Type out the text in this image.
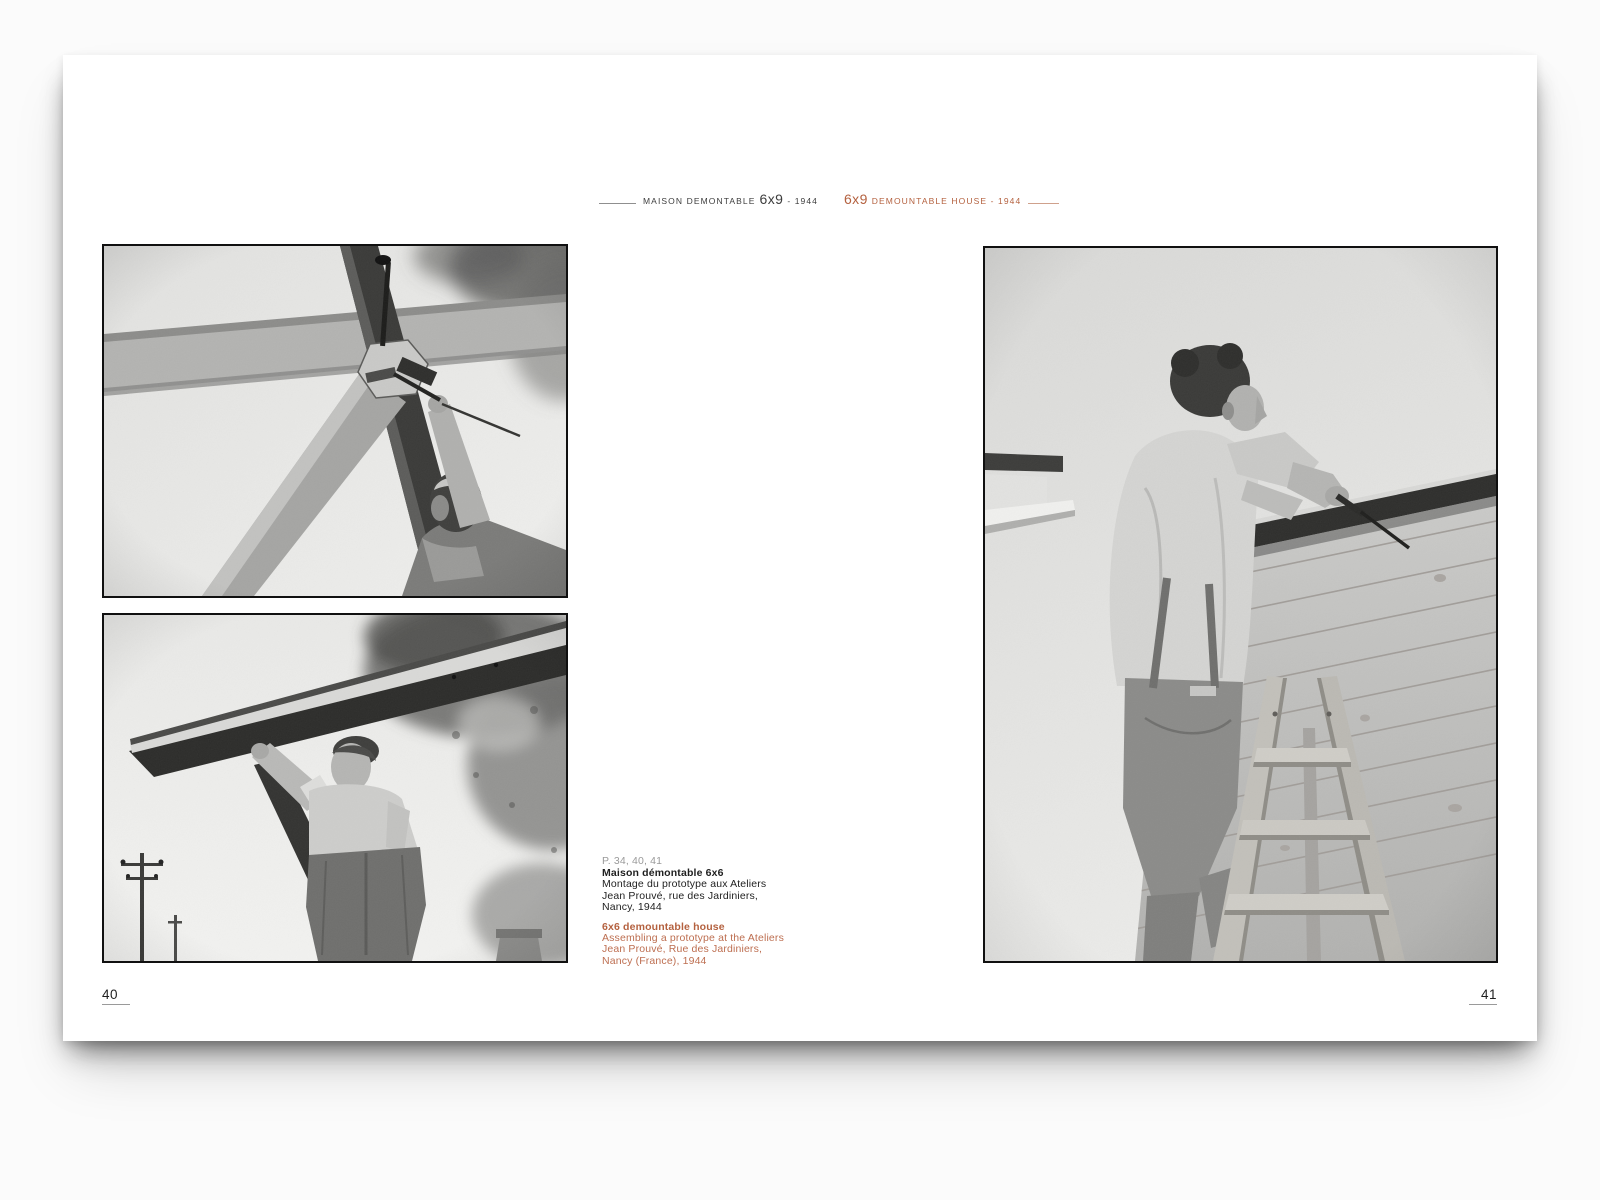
MAISON DEMONTABLE 6x9 - 1944 6x9 DEMOUNTABLE HOUSE - 1944
P. 34, 40, 41
Maison démontable 6x6
Montage du prototype aux Ateliers
Jean Prouvé, rue des Jardiniers,
Nancy, 1944
6x6 demountable house
Assembling a prototype at the Ateliers
Jean Prouvé, Rue des Jardiniers,
Nancy (France), 1944
40	41
